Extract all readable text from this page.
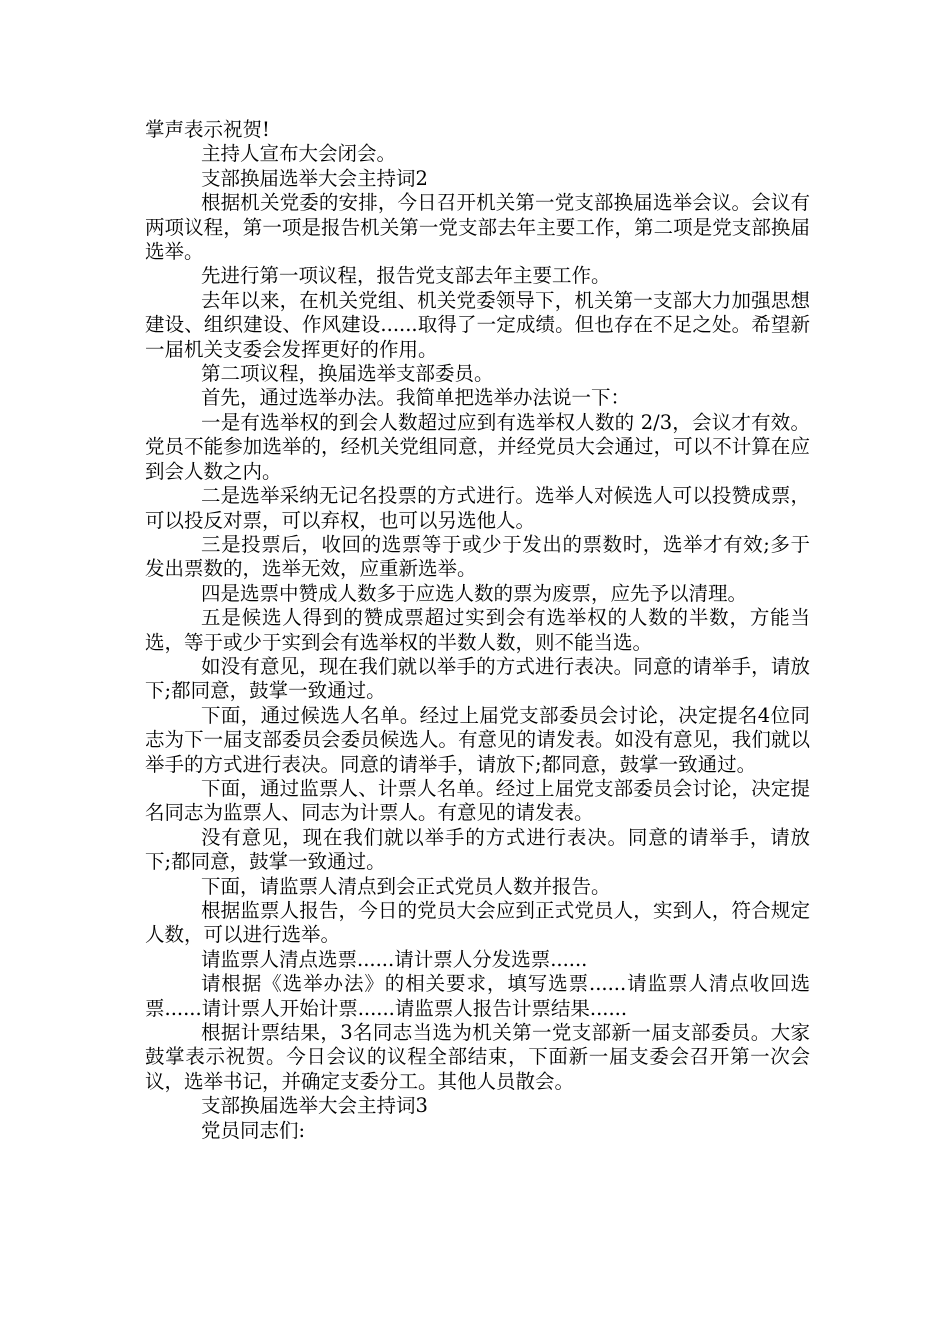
掌声表示祝贺!

主持人宣布大会闭会。

支部换届选举大会主持词2

根据机关党委的安排，今日召开机关第一党支部换届选举会议。会议有两项议程，第一项是报告机关第一党支部去年主要工作，第二项是党支部换届选举。

先进行第一项议程，报告党支部去年主要工作。

去年以来，在机关党组、机关党委领导下，机关第一支部大力加强思想建设、组织建设、作风建设......取得了一定成绩。但也存在不足之处。希望新一届机关支委会发挥更好的作用。

第二项议程，换届选举支部委员。

首先，通过选举办法。我简单把选举办法说一下：

一是有选举权的到会人数超过应到有选举权人数的 2/3，会议才有效。党员不能参加选举的，经机关党组同意，并经党员大会通过，可以不计算在应到会人数之内。

二是选举采纳无记名投票的方式进行。选举人对候选人可以投赞成票，可以投反对票，可以弃权，也可以另选他人。

三是投票后，收回的选票等于或少于发出的票数时，选举才有效;多于发出票数的，选举无效，应重新选举。

四是选票中赞成人数多于应选人数的票为废票，应先予以清理。

五是候选人得到的赞成票超过实到会有选举权的人数的半数，方能当选，等于或少于实到会有选举权的半数人数，则不能当选。

如没有意见，现在我们就以举手的方式进行表决。同意的请举手，请放下;都同意，鼓掌一致通过。

下面，通过候选人名单。经过上届党支部委员会讨论，决定提名4位同志为下一届支部委员会委员候选人。有意见的请发表。如没有意见，我们就以举手的方式进行表决。同意的请举手，请放下;都同意，鼓掌一致通过。

下面，通过监票人、计票人名单。经过上届党支部委员会讨论，决定提名同志为监票人、同志为计票人。有意见的请发表。

没有意见，现在我们就以举手的方式进行表决。同意的请举手，请放下;都同意，鼓掌一致通过。

下面，请监票人清点到会正式党员人数并报告。

根据监票人报告，今日的党员大会应到正式党员人，实到人，符合规定人数，可以进行选举。

请监票人清点选票......请计票人分发选票......

请根据《选举办法》的相关要求，填写选票......请监票人清点收回选票......请计票人开始计票......请监票人报告计票结果......

根据计票结果，3名同志当选为机关第一党支部新一届支部委员。大家鼓掌表示祝贺。今日会议的议程全部结束，下面新一届支委会召开第一次会议，选举书记，并确定支委分工。其他人员散会。

支部换届选举大会主持词3

党员同志们:
